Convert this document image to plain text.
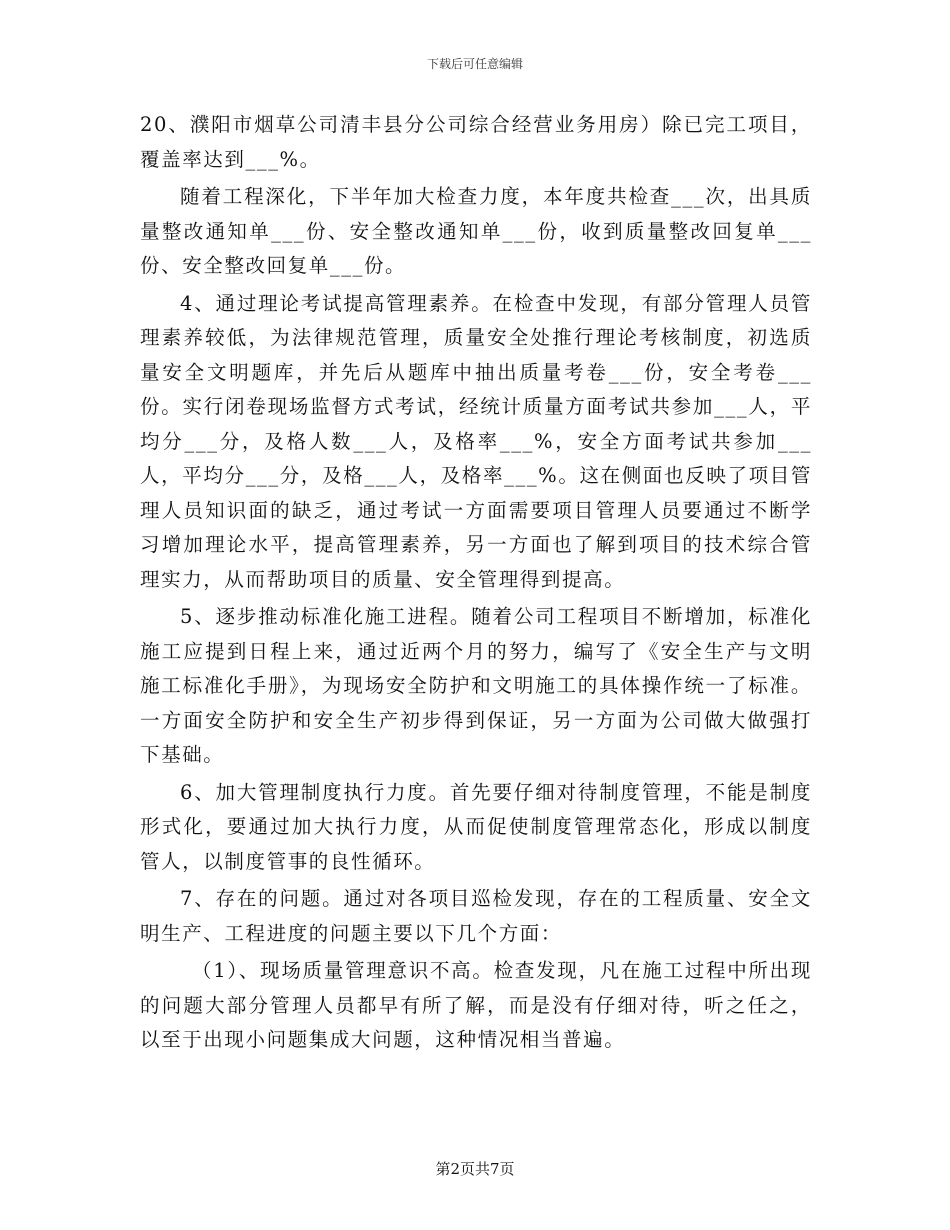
下载后可任意编辑

20、濮阳市烟草公司清丰县分公司综合经营业务用房）除已完工项目，覆盖率达到___%。

随着工程深化，下半年加大检查力度，本年度共检查___次，出具质量整改通知单___份、安全整改通知单___份，收到质量整改回复单___份、安全整改回复单___份。

4、通过理论考试提高管理素养。在检查中发现，有部分管理人员管理素养较低，为法律规范管理，质量安全处推行理论考核制度，初选质量安全文明题库，并先后从题库中抽出质量考卷___份，安全考卷___份。实行闭卷现场监督方式考试，经统计质量方面考试共参加___人，平均分___分，及格人数___人，及格率___%，安全方面考试共参加___人，平均分___分，及格___人，及格率___%。这在侧面也反映了项目管理人员知识面的缺乏，通过考试一方面需要项目管理人员要通过不断学习增加理论水平，提高管理素养，另一方面也了解到项目的技术综合管理实力，从而帮助项目的质量、安全管理得到提高。

5、逐步推动标准化施工进程。随着公司工程项目不断增加，标准化施工应提到日程上来，通过近两个月的努力，编写了《安全生产与文明施工标准化手册》，为现场安全防护和文明施工的具体操作统一了标准。一方面安全防护和安全生产初步得到保证，另一方面为公司做大做强打下基础。

6、加大管理制度执行力度。首先要仔细对待制度管理，不能是制度形式化，要通过加大执行力度，从而促使制度管理常态化，形成以制度管人，以制度管事的良性循环。

7、存在的问题。通过对各项目巡检发现，存在的工程质量、安全文明生产、工程进度的问题主要以下几个方面：

（1）、现场质量管理意识不高。检查发现，凡在施工过程中所出现的问题大部分管理人员都早有所了解，而是没有仔细对待，听之任之，以至于出现小问题集成大问题，这种情况相当普遍。

第2页共7页
